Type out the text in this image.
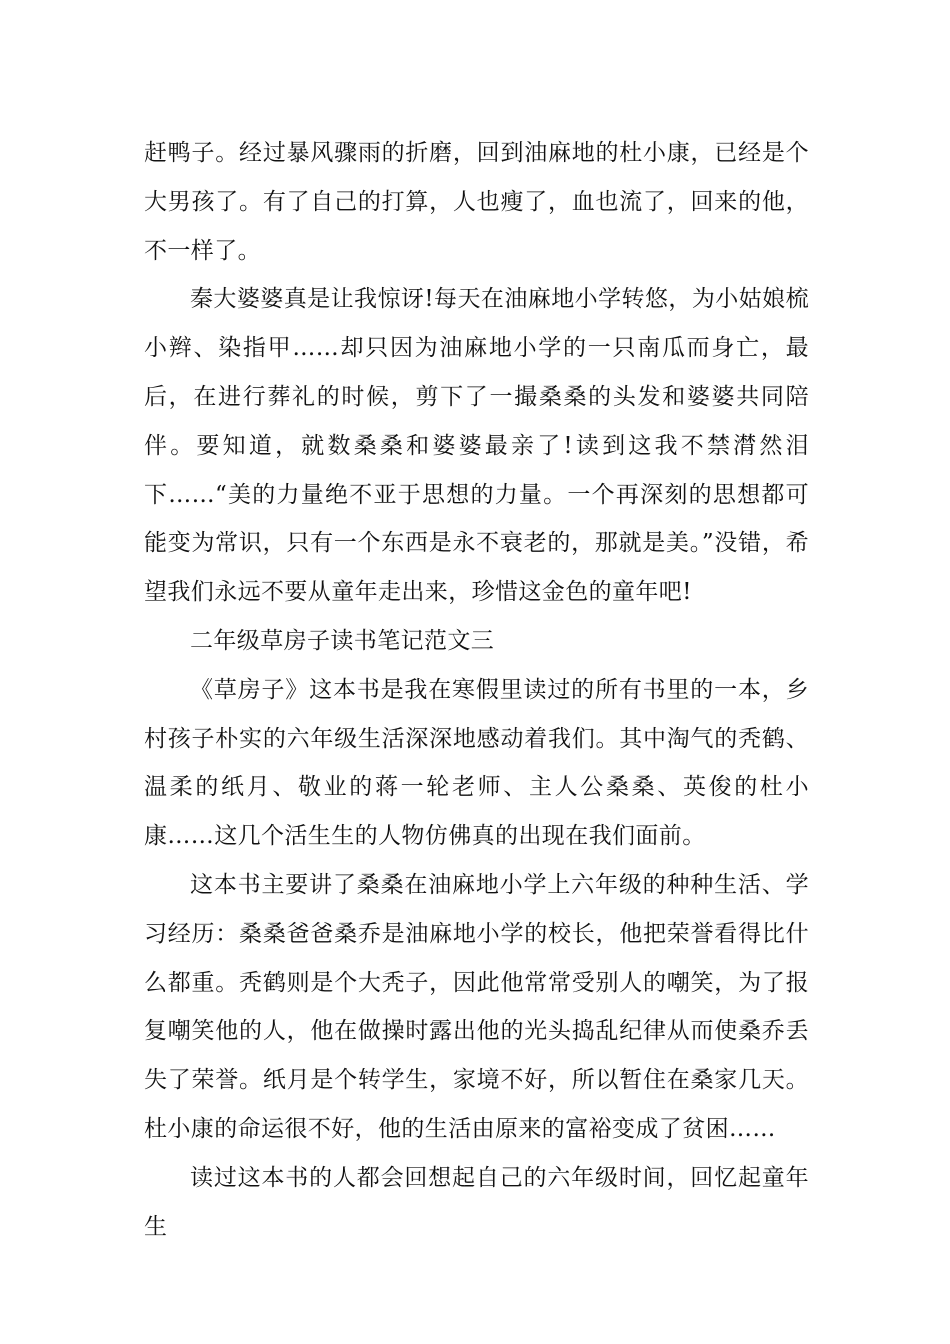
赶鸭子。经过暴风骤雨的折磨，回到油麻地的杜小康，已经是个大男孩了。有了自己的打算，人也瘦了，血也流了，回来的他，不一样了。

秦大婆婆真是让我惊讶!每天在油麻地小学转悠，为小姑娘梳小辫、染指甲……却只因为油麻地小学的一只南瓜而身亡，最后，在进行葬礼的时候，剪下了一撮桑桑的头发和婆婆共同陪伴。要知道，就数桑桑和婆婆最亲了!读到这我不禁潸然泪下……“美的力量绝不亚于思想的力量。一个再深刻的思想都可能变为常识，只有一个东西是永不衰老的，那就是美。”没错，希望我们永远不要从童年走出来，珍惜这金色的童年吧!

二年级草房子读书笔记范文三

《草房子》这本书是我在寒假里读过的所有书里的一本，乡村孩子朴实的六年级生活深深地感动着我们。其中淘气的秃鹤、温柔的纸月、敬业的蒋一轮老师、主人公桑桑、英俊的杜小康……这几个活生生的人物仿佛真的出现在我们面前。

这本书主要讲了桑桑在油麻地小学上六年级的种种生活、学习经历：桑桑爸爸桑乔是油麻地小学的校长，他把荣誉看得比什么都重。秃鹤则是个大秃子，因此他常常受别人的嘲笑，为了报复嘲笑他的人，他在做操时露出他的光头捣乱纪律从而使桑乔丢失了荣誉。纸月是个转学生，家境不好，所以暂住在桑家几天。杜小康的命运很不好，他的生活由原来的富裕变成了贫困……

读过这本书的人都会回想起自己的六年级时间，回忆起童年生
